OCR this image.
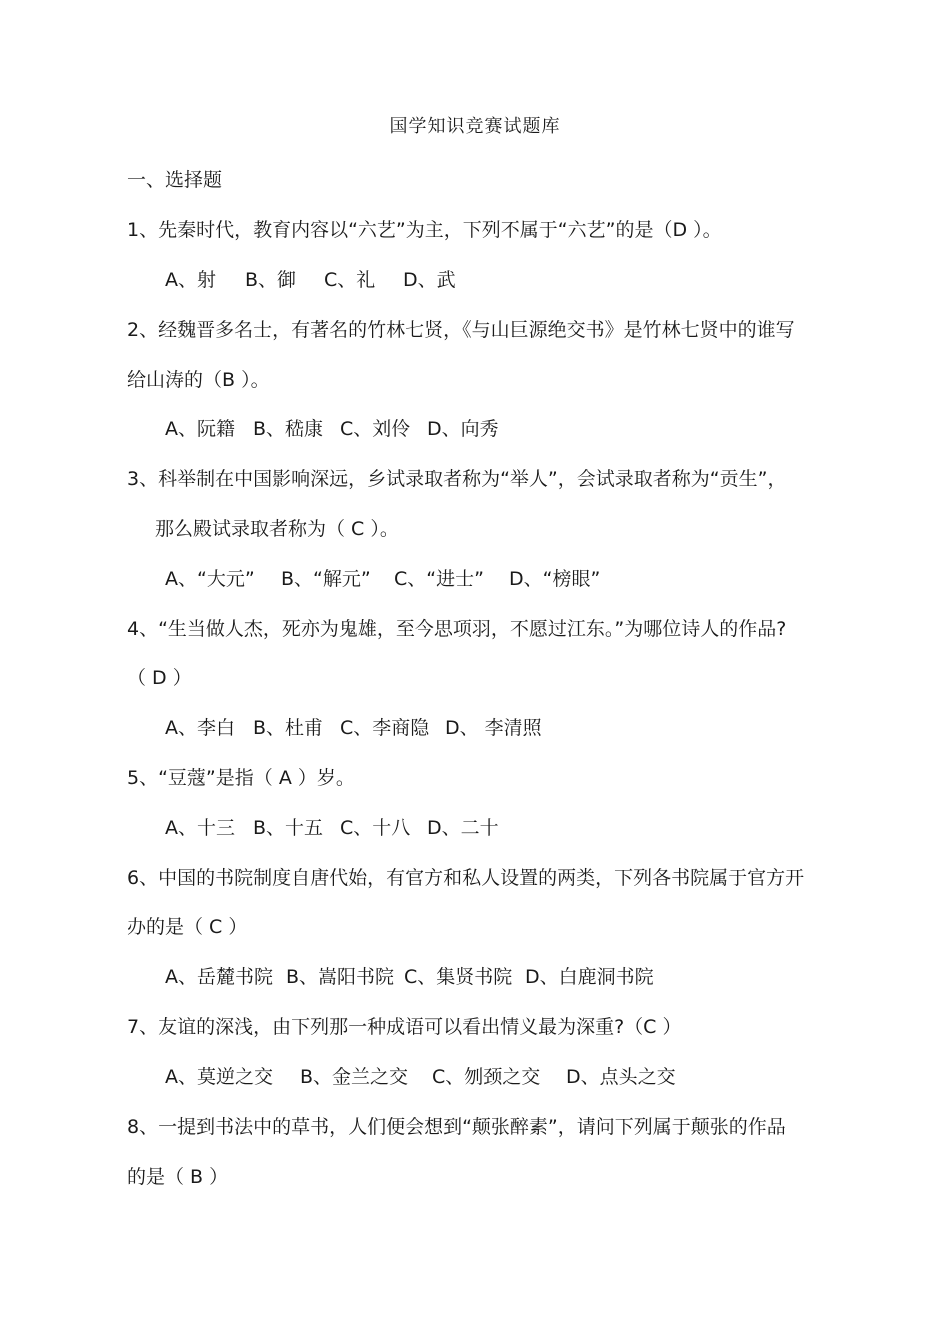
国学知识竞赛试题库
一、选择题
1、先秦时代，教育内容以“六艺”为主，下列不属于“六艺”的是（D ）。
A、射 B、御 C、礼 D、武
2、经魏晋多名士，有著名的竹林七贤，《与山巨源绝交书》是竹林七贤中的谁写
给山涛的（B ）。
A、阮籍 B、嵇康 C、刘伶 D、向秀
3、科举制在中国影响深远，乡试录取者称为“举人”，会试录取者称为“贡生”，
那么殿试录取者称为（ C ）。
A、“大元” B、“解元” C、“进士” D、“榜眼”
4、“生当做人杰，死亦为鬼雄，至今思项羽，不愿过江东。”为哪位诗人的作品?
（ D ）
A、李白 B、杜甫 C、李商隐 D、 李清照
5、“豆蔻”是指（ A ）岁。
A、十三 B、十五 C、十八 D、二十
6、中国的书院制度自唐代始，有官方和私人设置的两类，下列各书院属于官方开
办的是（ C ）
A、岳麓书院 B、嵩阳书院 C、集贤书院 D、白鹿洞书院
7、友谊的深浅，由下列那一种成语可以看出情义最为深重?（C ）
A、莫逆之交 B、金兰之交 C、刎颈之交 D、点头之交
8、一提到书法中的草书，人们便会想到“颠张醉素”，请问下列属于颠张的作品
的是（ B ）
